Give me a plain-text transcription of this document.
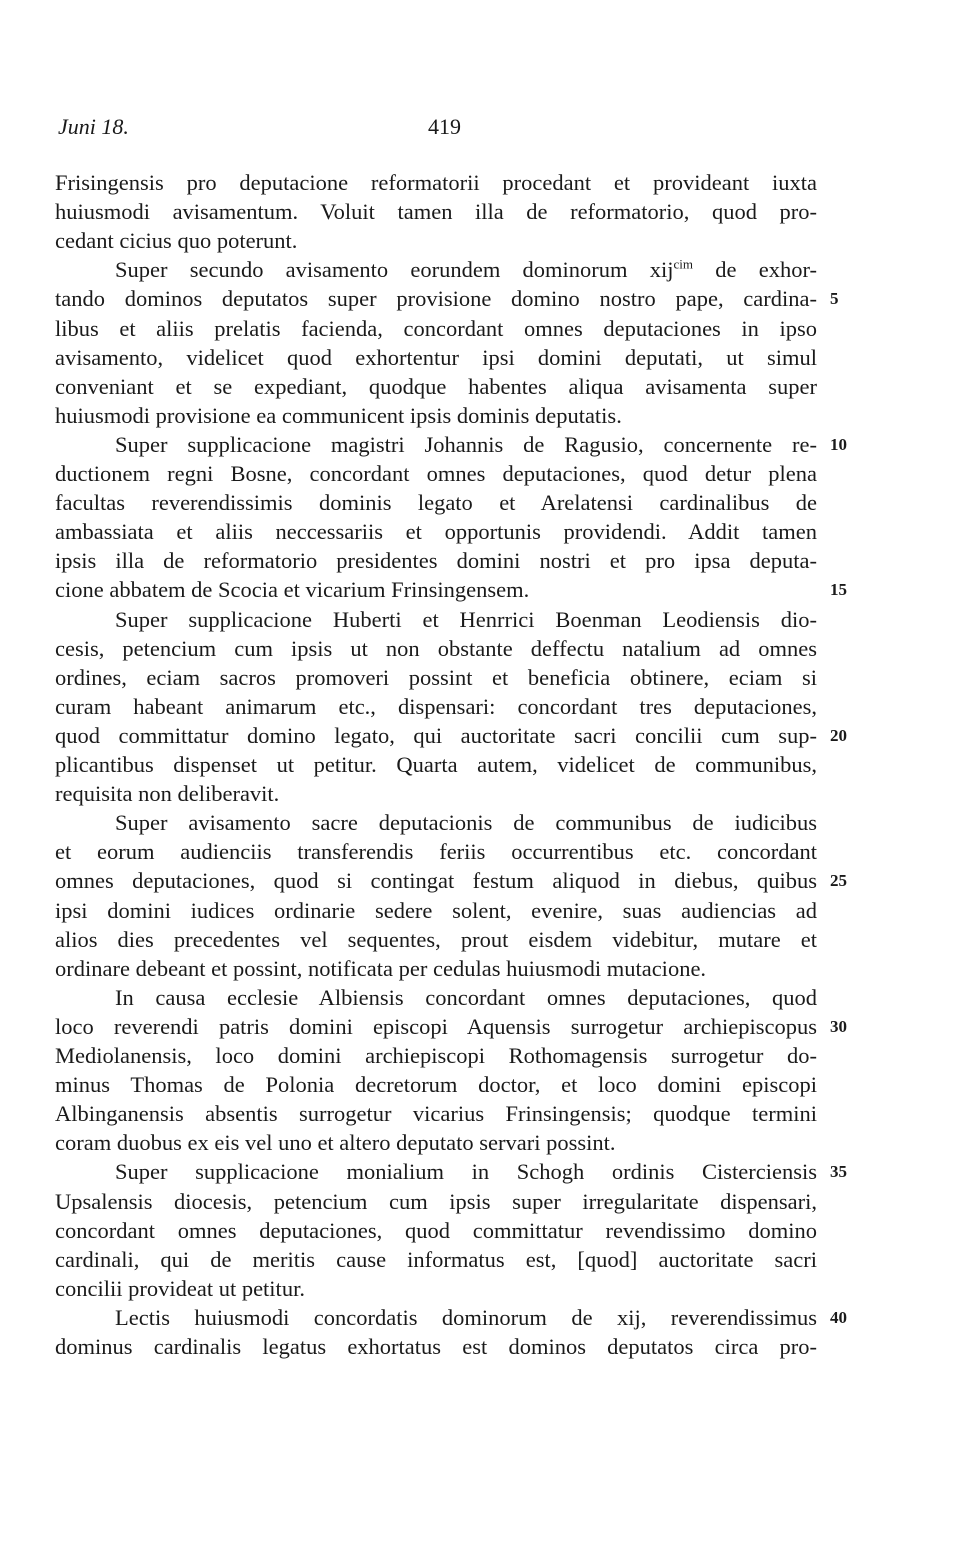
Juni 18.	419
Frisingensis pro deputacione reformatorii procedant et provideant iuxta
huiusmodi avisamentum. Voluit tamen illa de reformatorio, quod pro-
cedant cicius quo poterunt.
Super secundo avisamento eorundem dominorum xij$^{cim}$ de exhor-
tando dominos deputatos super provisione domino nostro pape, cardina- 5
libus et aliis prelatis facienda, concordant omnes deputaciones in ipso
avisamento, videlicet quod exhortentur ipsi domini deputati, ut simul
conveniant et se expediant, quodque habentes aliqua avisamenta super
huiusmodi provisione ea communicent ipsis dominis deputatis.
Super supplicacione magistri Johannis de Ragusio, concernente re- 10
ductionem regni Bosne, concordant omnes deputaciones, quod detur plena
facultas reverendissimis dominis legato et Arelatensi cardinalibus de
ambassiata et aliis neccessariis et opportunis providendi. Addit tamen
ipsis illa de reformatorio presidentes domini nostri et pro ipsa deputa-
cione abbatem de Scocia et vicarium Frinsingensem.	15
Super supplicacione Huberti et Henrrici Boenman Leodiensis dio-
cesis, petencium cum ipsis ut non obstante deffectu natalium ad omnes
ordines, eciam sacros promoveri possint et beneficia obtinere, eciam si
curam habeant animarum etc., dispensari: concordant tres deputaciones,
quod committatur domino legato, qui auctoritate sacri concilii cum sup- 20
plicantibus dispenset ut petitur. Quarta autem, videlicet de communibus,
requisita non deliberavit.
Super avisamento sacre deputacionis de communibus de iudicibus
et eorum audienciis transferendis feriis occurrentibus etc. concordant
omnes deputaciones, quod si contingat festum aliquod in diebus, quibus 25
ipsi domini iudices ordinarie sedere solent, evenire, suas audiencias ad
alios dies precedentes vel sequentes, prout eisdem videbitur, mutare et
ordinare debeant et possint, notificata per cedulas huiusmodi mutacione.
In causa ecclesie Albiensis concordant omnes deputaciones, quod
loco reverendi patris domini episcopi Aquensis surrogetur archiepiscopus 30
Mediolanensis, loco domini archiepiscopi Rothomagensis surrogetur do-
minus Thomas de Polonia decretorum doctor, et loco domini episcopi
Albinganensis absentis surrogetur vicarius Frinsingensis; quodque termini
coram duobus ex eis vel uno et altero deputato servari possint.
Super supplicacione monialium in Schogh ordinis Cisterciensis 35
Upsalensis diocesis, petencium cum ipsis super irregularitate dispensari,
concordant omnes deputaciones, quod committatur revendissimo domino
cardinali, qui de meritis cause informatus est, [quod] auctoritate sacri
concilii provideat ut petitur.
Lectis huiusmodi concordatis dominorum de xij, reverendissimus 40
dominus cardinalis legatus exhortatus est dominos deputatos circa pro-
